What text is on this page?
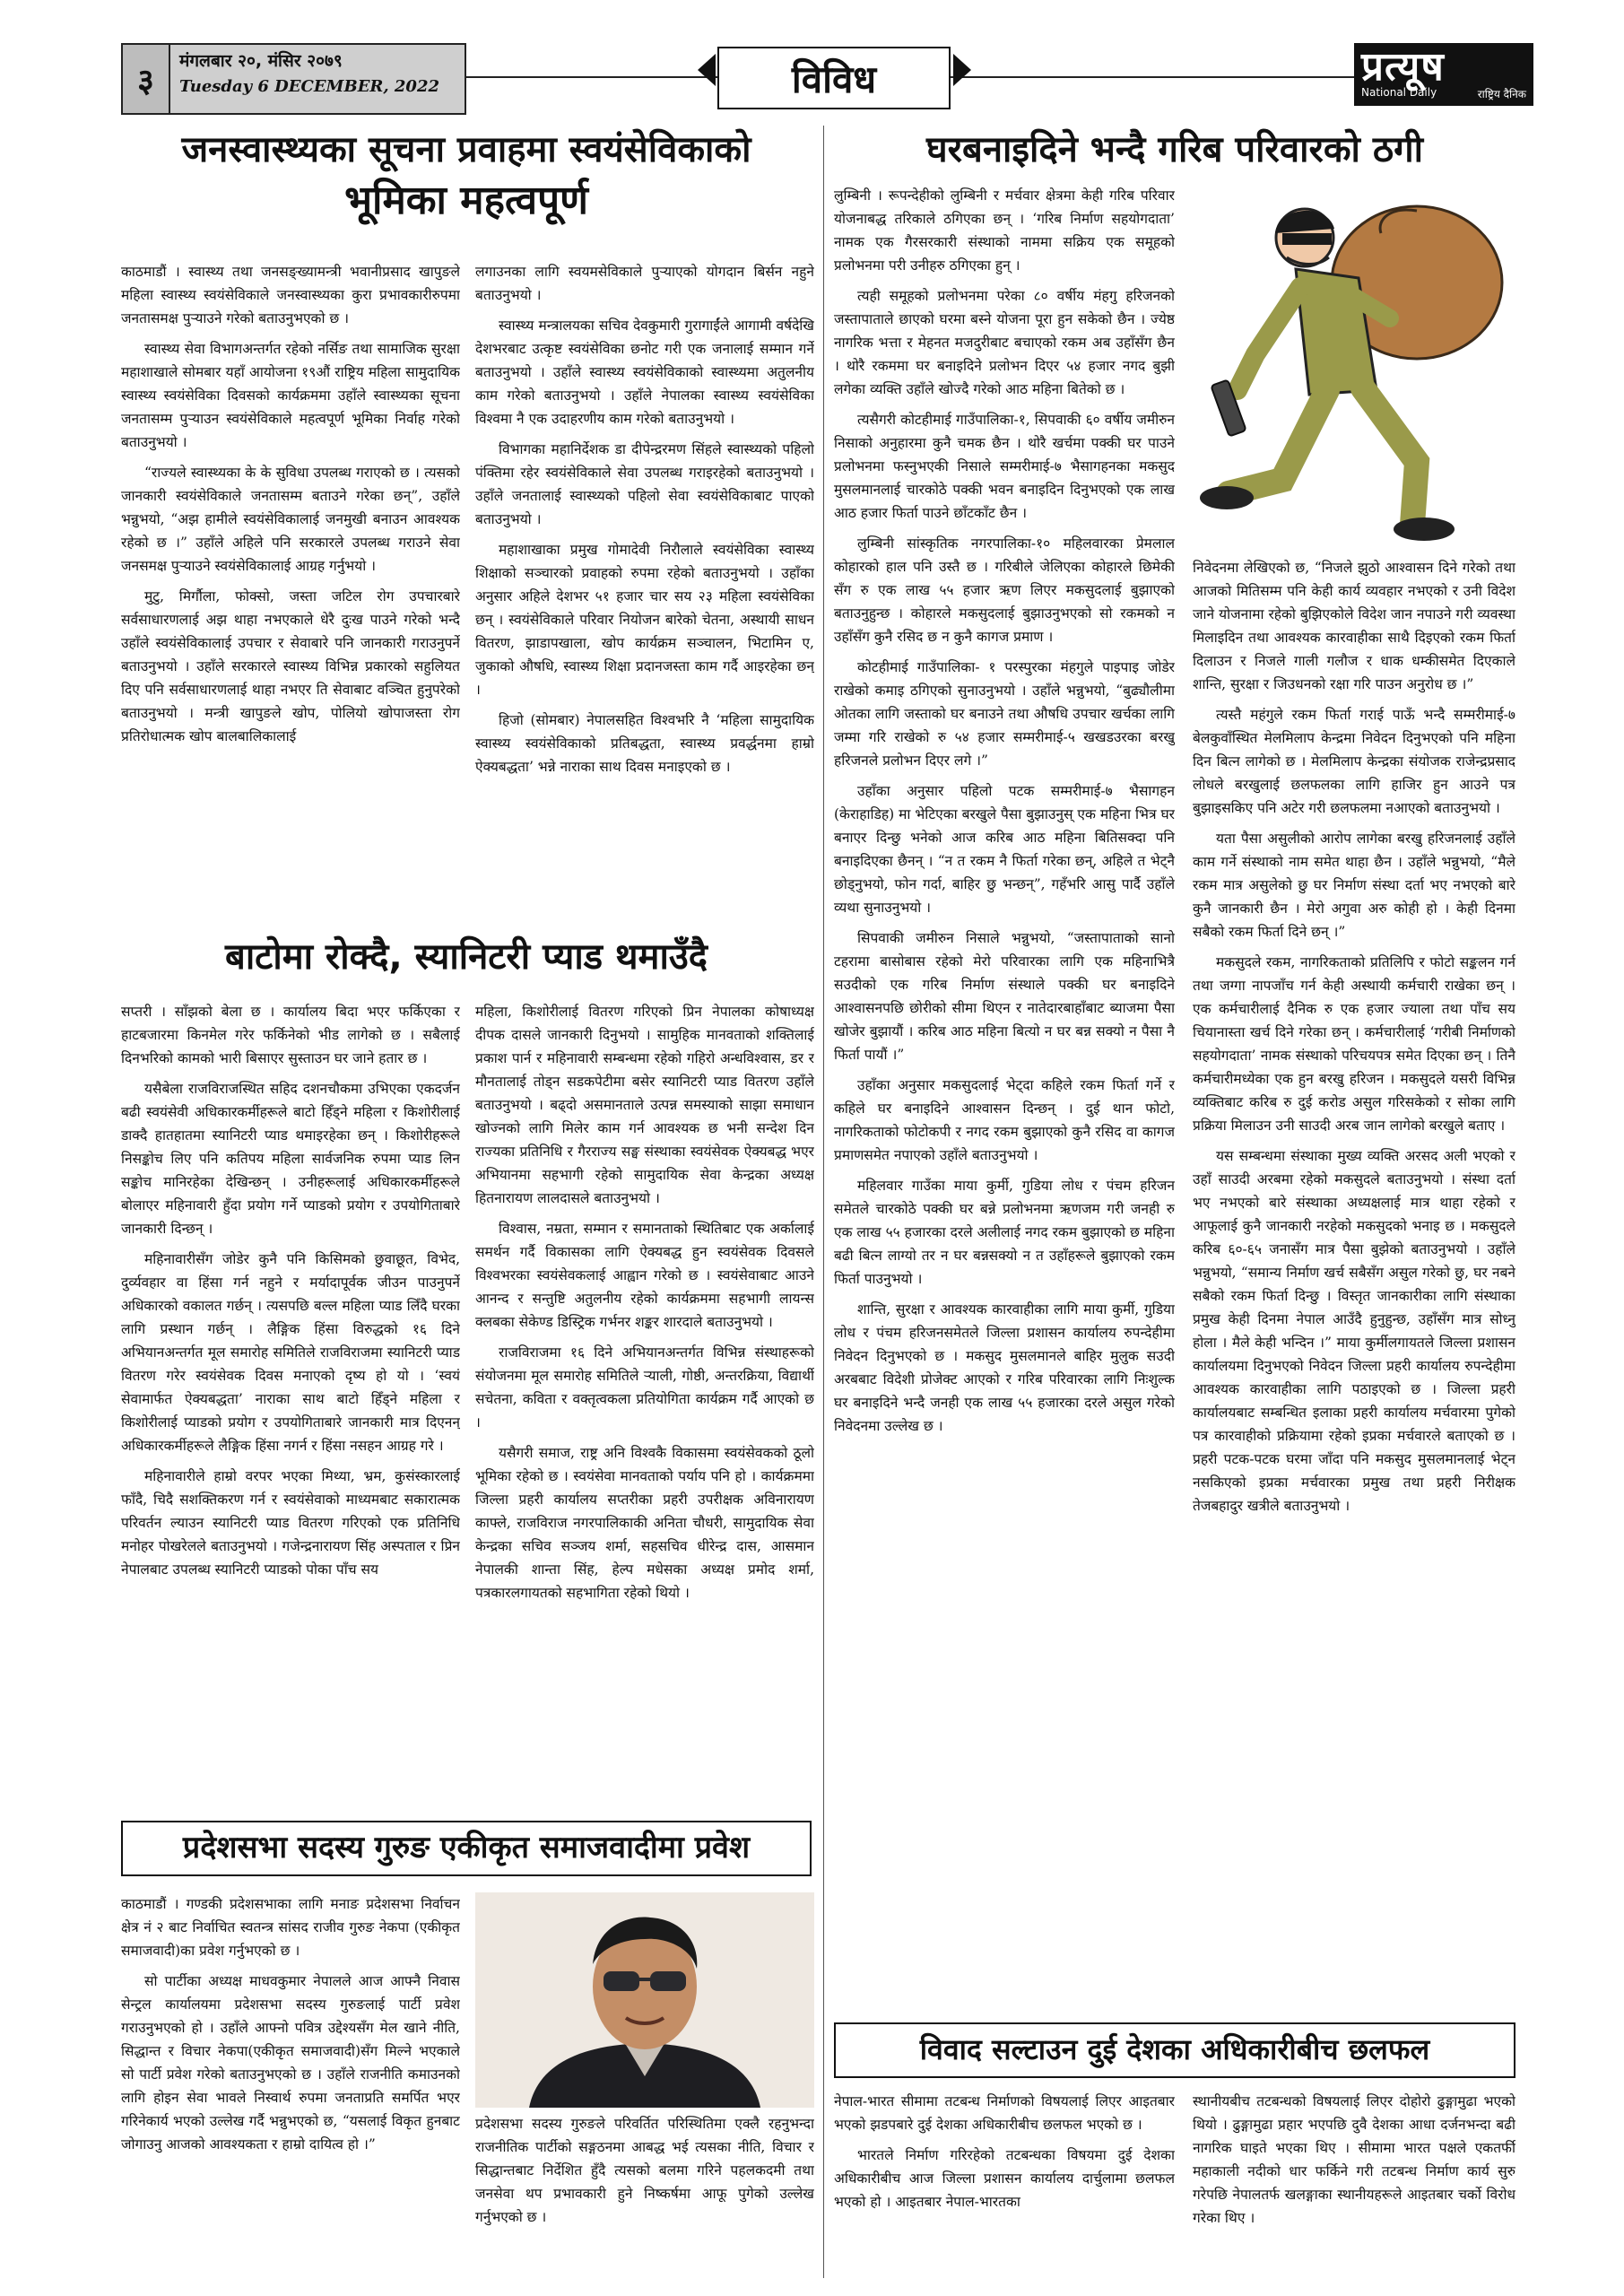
३
मंगलबार २०, मंसिर २०७९
Tuesday 6 DECEMBER, 2022	विविध	प्रत्यूष
National Daily	राष्ट्रिय दैनिक
जनस्वास्थ्यका सूचना प्रवाहमा स्वयंसेविकाको
भूमिका महत्वपूर्ण

काठमाडौं । स्वास्थ्य तथा जनसङ्ख्यामन्त्री भवानीप्रसाद खापुङले महिला स्वास्थ्य स्वयंसेविकाले जनस्वास्थ्यका कुरा प्रभावकारीरुपमा जनतासमक्ष पुऱ्याउने गरेको बताउनुभएको छ ।

स्वास्थ्य सेवा विभागअन्तर्गत रहेको नर्सिङ तथा सामाजिक सुरक्षा महाशाखाले सोमबार यहाँ आयोजना १९औं राष्ट्रिय महिला सामुदायिक स्वास्थ्य स्वयंसेविका दिवसको कार्यक्रममा उहाँले स्वास्थ्यका सूचना जनतासम्म पुऱ्याउन स्वयंसेविकाले महत्वपूर्ण भूमिका निर्वाह गरेको बताउनुभयो ।

“राज्यले स्वास्थ्यका के के सुविधा उपलब्ध गराएको छ । त्यसको जानकारी स्वयंसेविकाले जनतासम्म बताउने गरेका छन्”, उहाँले भन्नुभयो, “अझ हामीले स्वयंसेविकालाई जनमुखी बनाउन आवश्यक रहेको छ ।” उहाँले अहिले पनि सरकारले उपलब्ध गराउने सेवा जनसमक्ष पुऱ्याउने स्वयंसेविकालाई आग्रह गर्नुभयो ।

मुटु, मिर्गौला, फोक्सो, जस्ता जटिल रोग उपचारबारे सर्वसाधारणलाई अझ थाहा नभएकाले धेरै दुःख पाउने गरेको भन्दै उहाँले स्वयंसेविकालाई उपचार र सेवाबारे पनि जानकारी गराउनुपर्ने बताउनुभयो । उहाँले सरकारले स्वास्थ्य विभिन्न प्रकारको सहुलियत दिए पनि सर्वसाधारणलाई थाहा नभएर ति सेवाबाट वञ्चित हुनुपरेको बताउनुभयो । मन्त्री खापुङले खोप, पोलियो खोपाजस्ता रोग प्रतिरोधात्मक खोप बालबालिकालाई

लगाउनका लागि स्वयमसेविकाले पुऱ्याएको योगदान बिर्सन नहुने बताउनुभयो ।

स्वास्थ्य मन्त्रालयका सचिव देवकुमारी गुरागाईंले आगामी वर्षदेखि देशभरबाट उत्कृष्ट स्वयंसेविका छनोट गरी एक जनालाई सम्मान गर्ने बताउनुभयो । उहाँले स्वास्थ्य स्वयंसेविकाको स्वास्थ्यमा अतुलनीय काम गरेको बताउनुभयो । उहाँले नेपालका स्वास्थ्य स्वयंसेविका विश्वमा नै एक उदाहरणीय काम गरेको बताउनुभयो ।

विभागका महानिर्देशक डा दीपेन्द्ररमण सिंहले स्वास्थ्यको पहिलो पंक्तिमा रहेर स्वयंसेविकाले सेवा उपलब्ध गराइरहेको बताउनुभयो । उहाँले जनतालाई स्वास्थ्यको पहिलो सेवा स्वयंसेविकाबाट पाएको बताउनुभयो ।

महाशाखाका प्रमुख गोमादेवी निरौलाले स्वयंसेविका स्वास्थ्य शिक्षाको सञ्चारको प्रवाहको रुपमा रहेको बताउनुभयो । उहाँका अनुसार अहिले देशभर ५१ हजार चार सय २३ महिला स्वयंसेविका छन् । स्वयंसेविकाले परिवार नियोजन बारेको चेतना, अस्थायी साधन वितरण, झाडापखाला, खोप कार्यक्रम सञ्चालन, भिटामिन ए, जुकाको औषधि, स्वास्थ्य शिक्षा प्रदानजस्ता काम गर्दै आइरहेका छन् ।

हिजो (सोमबार) नेपालसहित विश्वभरि नै ‘महिला सामुदायिक स्वास्थ्य स्वयंसेविकाको प्रतिबद्धता, स्वास्थ्य प्रवर्द्धनमा हाम्रो ऐक्यबद्धता’ भन्ने नाराका साथ दिवस मनाइएको छ ।

बाटोमा रोक्दै, स्यानिटरी प्याड थमाउँदै

सप्तरी । साँझको बेला छ । कार्यालय बिदा भएर फर्किएका र हाटबजारमा किनमेल गरेर फर्किनेको भीड लागेको छ । सबैलाई दिनभरिको कामको भारी बिसाएर सुस्ताउन घर जाने हतार छ ।

यसैबेला राजविराजस्थित सहिद दशनचौकमा उभिएका एकदर्जन बढी स्वयंसेवी अधिकारकर्मीहरूले बाटो हिँड्ने महिला र किशोरीलाई डाक्दै हातहातमा स्यानिटरी प्याड थमाइरहेका छन् । किशोरीहरूले निसङ्कोच लिए पनि कतिपय महिला सार्वजनिक रुपमा प्याड लिन सङ्कोच मानिरहेका देखिन्छन् । उनीहरूलाई अधिकारकर्मीहरूले बोलाएर महिनावारी हुँदा प्रयोग गर्ने प्याडको प्रयोग र उपयोगिताबारे जानकारी दिन्छन् ।

महिनावारीसँग जोडेर कुनै पनि किसिमको छुवाछूत, विभेद, दुर्व्यवहार वा हिंसा गर्न नहुने र मर्यादापूर्वक जीउन पाउनुपर्ने अधिकारको वकालत गर्छन् । त्यसपछि बल्ल महिला प्याड लिँदै घरका लागि प्रस्थान गर्छन् । लैङ्गिक हिंसा विरुद्धको १६ दिने अभियानअन्तर्गत मूल समारोह समितिले राजविराजमा स्यानिटरी प्याड वितरण गरेर स्वयंसेवक दिवस मनाएको दृष्य हो यो । ‘स्वयं सेवामार्फत ऐक्यबद्धता’ नाराका साथ बाटो हिँड्ने महिला र किशोरीलाई प्याडको प्रयोग र उपयोगिताबारे जानकारी मात्र दिएनन् अधिकारकर्मीहरूले लैङ्गिक हिंसा नगर्न र हिंसा नसहन आग्रह गरे ।

महिनावारीले हाम्रो वरपर भएका मिथ्या, भ्रम, कुसंस्कारलाई फाँदै, चिदै सशक्तिकरण गर्न र स्वयंसेवाको माध्यमबाट सकारात्मक परिवर्तन ल्याउन स्यानिटरी प्याड वितरण गरिएको एक प्रतिनिधि मनोहर पोखरेलले बताउनुभयो । गजेन्द्रनारायण सिंह अस्पताल र प्रिन नेपालबाट उपलब्ध स्यानिटरी प्याडको पोका पाँच सय

महिला, किशोरीलाई वितरण गरिएको प्रिन नेपालका कोषाध्यक्ष दीपक दासले जानकारी दिनुभयो । सामुहिक मानवताको शक्तिलाई प्रकाश पार्न र महिनावारी सम्बन्धमा रहेको गहिरो अन्धविश्वास, डर र मौनतालाई तोड्न सडकपेटीमा बसेर स्यानिटरी प्याड वितरण उहाँले बताउनुभयो । बढ्दो असमानताले उत्पन्न समस्याको साझा समाधान खोज्नको लागि मिलेर काम गर्न आवश्यक छ भनी सन्देश दिन राज्यका प्रतिनिधि र गैरराज्य सङ्घ संस्थाका स्वयंसेवक ऐक्यबद्ध भएर अभियानमा सहभागी रहेको सामुदायिक सेवा केन्द्रका अध्यक्ष हितनारायण लालदासले बताउनुभयो ।

विश्वास, नम्रता, सम्मान र समानताको स्थितिबाट एक अर्कालाई समर्थन गर्दै विकासका लागि ऐक्यबद्ध हुन स्वयंसेवक दिवसले विश्वभरका स्वयंसेवकलाई आह्वान गरेको छ । स्वयंसेवाबाट आउने आनन्द र सन्तुष्टि अतुलनीय रहेको कार्यक्रममा सहभागी लायन्स क्लबका सेकेण्ड डिस्ट्रिक गर्भनर शङ्कर शारदाले बताउनुभयो ।

राजविराजमा १६ दिने अभियानअन्तर्गत विभिन्न संस्थाहरूको संयोजनमा मूल समारोह समितिले ऱ्याली, गोष्ठी, अन्तरक्रिया, विद्यार्थी सचेतना, कविता र वक्तृत्वकला प्रतियोगिता कार्यक्रम गर्दै आएको छ ।

यसैगरी समाज, राष्ट्र अनि विश्वकै विकासमा स्वयंसेवकको ठूलो भूमिका रहेको छ । स्वयंसेवा मानवताको पर्याय पनि हो । कार्यक्रममा जिल्ला प्रहरी कार्यालय सप्तरीका प्रहरी उपरीक्षक अविनारायण काफ्ले, राजविराज नगरपालिकाकी अनिता चौधरी, सामुदायिक सेवा केन्द्रका सचिव सञ्जय शर्मा, सहसचिव धीरेन्द्र दास, आसमान नेपालकी शान्ता सिंह, हेल्प मधेसका अध्यक्ष प्रमोद शर्मा, पत्रकारलगायतको सहभागिता रहेको थियो ।

प्रदेशसभा सदस्य गुरुङ एकीकृत समाजवादीमा प्रवेश

काठमाडौं । गण्डकी प्रदेशसभाका लागि मनाङ प्रदेशसभा निर्वाचन क्षेत्र नं २ बाट निर्वाचित स्वतन्त्र सांसद राजीव गुरुङ नेकपा (एकीकृत समाजवादी)का प्रवेश गर्नुभएको छ ।

सो पार्टीका अध्यक्ष माधवकुमार नेपालले आज आफ्नै निवास सेन्ट्रल कार्यालयमा प्रदेशसभा सदस्य गुरुङलाई पार्टी प्रवेश गराउनुभएको हो । उहाँले आफ्नो पवित्र उद्देश्यसँग मेल खाने नीति, सिद्धान्त र विचार नेकपा(एकीकृत समाजवादी)सँग मिल्ने भएकाले सो पार्टी प्रवेश गरेको बताउनुभएको छ । उहाँले राजनीति कमाउनको लागि होइन सेवा भावले निस्वार्थ रुपमा जनताप्रति समर्पित भएर गरिनेकार्य भएको उल्लेख गर्दै भन्नुभएको छ, “यसलाई विकृत हुनबाट जोगाउनु आजको आवश्यकता र हाम्रो दायित्व हो ।”

प्रदेशसभा सदस्य गुरुङले परिवर्तित परिस्थितिमा एक्लै रहनुभन्दा राजनीतिक पार्टीको सङ्गठनमा आबद्ध भई त्यसका नीति, विचार र सिद्धान्तबाट निर्देशित हुँदै त्यसको बलमा गरिने पहलकदमी तथा जनसेवा थप प्रभावकारी हुने निष्कर्षमा आफू पुगेको उल्लेख गर्नुभएको छ ।
घरबनाइदिने भन्दै गरिब परिवारको ठगी

लुम्बिनी । रूपन्देहीको लुम्बिनी र मर्चवार क्षेत्रमा केही गरिब परिवार योजनाबद्ध तरिकाले ठगिएका छन् । ‘गरिब निर्माण सहयोगदाता’ नामक एक गैरसरकारी संस्थाको नाममा सक्रिय एक समूहको प्रलोभनमा परी उनीहरु ठगिएका हुन् ।

त्यही समूहको प्रलोभनमा परेका ८० वर्षीय मंहगु हरिजनको जस्तापाताले छाएको घरमा बस्ने योजना पूरा हुन सकेको छैन । ज्येष्ठ नागरिक भत्ता र मेहनत मजदुरीबाट बचाएको रकम अब उहाँसँग छैन । थोरै रकममा घर बनाइदिने प्रलोभन दिएर ५४ हजार नगद बुझी लगेका व्यक्ति उहाँले खोज्दै गरेको आठ महिना बितेको छ ।

त्यसैगरी कोटहीमाई गाउँपालिका-१, सिपवाकी ६० वर्षीय जमीरुन निसाको अनुहारमा कुनै चमक छैन । थोरै खर्चमा पक्की घर पाउने प्रलोभनमा फस्नुभएकी निसाले सम्मरीमाई-७ भैसागहनका मकसुद मुसलमानलाई चारकोठे पक्की भवन बनाइदिन दिनुभएको एक लाख आठ हजार फिर्ता पाउने छाँटकाँट छैन ।

लुम्बिनी सांस्कृतिक नगरपालिका-१० महिलवारका प्रेमलाल कोहारको हाल पनि उस्तै छ । गरिबीले जेलिएका कोहारले छिमेकी सँग रु एक लाख ५५ हजार ऋण लिएर मकसुदलाई बुझाएको बताउनुहुन्छ । कोहारले मकसुदलाई बुझाउनुभएको सो रकमको न उहाँसँग कुनै रसिद छ न कुनै कागज प्रमाण ।

कोटहीमाई गाउँपालिका- १ परस्पुरका मंहगुले पाइपाइ जोडेर राखेको कमाइ ठगिएको सुनाउनुभयो । उहाँले भन्नुभयो, “बुढ्यौलीमा ओतका लागि जस्ताको घर बनाउने तथा औषधि उपचार खर्चका लागि जम्मा गरि राखेको रु ५४ हजार सम्मरीमाई-५ खखडउरका बरखु हरिजनले प्रलोभन दिएर लगे ।”

उहाँका अनुसार पहिलो पटक सम्मरीमाई-७ भैसागहन (केराहाडिह) मा भेटिएका बरखुले पैसा बुझाउनुस् एक महिना भित्र घर बनाएर दिन्छु भनेको आज करिब आठ महिना बितिसक्दा पनि बनाइदिएका छैनन् । “न त रकम नै फिर्ता गरेका छन्, अहिले त भेट्नै छोड्नुभयो, फोन गर्दा, बाहिर छु भन्छन्”, गहँभरि आसु पार्दै उहाँले व्यथा सुनाउनुभयो ।

सिपवाकी जमीरुन निसाले भन्नुभयो, “जस्तापाताको सानो टहरामा बासोबास रहेको मेरो परिवारका लागि एक महिनाभित्रै सउदीको एक गरिब निर्माण संस्थाले पक्की घर बनाइदिने आश्वासनपछि छोरीको सीमा थिएन र नातेदारबाहाँबाट ब्याजमा पैसा खोजेर बुझायौं । करिब आठ महिना बित्यो न घर बन्न सक्यो न पैसा नै फिर्ता पायौं ।”

उहाँका अनुसार मकसुदलाई भेट्दा कहिले रकम फिर्ता गर्ने र कहिले घर बनाइदिने आश्वासन दिन्छन् । दुई थान फोटो, नागरिकताको फोटोकपी र नगद रकम बुझाएको कुनै रसिद वा कागज प्रमाणसमेत नपाएको उहाँले बताउनुभयो ।

महिलवार गाउँका माया कुर्मी, गुडिया लोध र पंचम हरिजन समेतले चारकोठे पक्की घर बन्ने प्रलोभनमा ऋणजम गरी जनही रु एक लाख ५५ हजारका दरले अलीलाई नगद रकम बुझाएको छ महिना बढी बित्न लाग्यो तर न घर बन्नसक्यो न त उहाँहरूले बुझाएको रकम फिर्ता पाउनुभयो ।

शान्ति, सुरक्षा र आवश्यक कारवाहीका लागि माया कुर्मी, गुडिया लोध र पंचम हरिजनसमेतले जिल्ला प्रशासन कार्यालय रुपन्देहीमा निवेदन दिनुभएको छ । मकसुद मुसलमानले बाहिर मुलुक सउदी अरबबाट विदेशी प्रोजेक्ट आएको र गरिब परिवारका लागि निःशुल्क घर बनाइदिने भन्दै जनही एक लाख ५५ हजारका दरले असुल गरेको निवेदनमा उल्लेख छ ।

निवेदनमा लेखिएको छ, “निजले झुठो आश्वासन दिने गरेको तथा आजको मितिसम्म पनि केही कार्य व्यवहार नभएको र उनी विदेश जाने योजनामा रहेको बुझिएकोले विदेश जान नपाउने गरी व्यवस्था मिलाइदिन तथा आवश्यक कारवाहीका साथै दिइएको रकम फिर्ता दिलाउन र निजले गाली गलौज र धाक धम्कीसमेत दिएकाले शान्ति, सुरक्षा र जिउधनको रक्षा गरि पाउन अनुरोध छ ।”

त्यस्तै महंगुले रकम फिर्ता गराई पाऊँ भन्दै सम्मरीमाई-७ बेलकुवाँस्थित मेलमिलाप केन्द्रमा निवेदन दिनुभएको पनि महिना दिन बित्न लागेको छ । मेलमिलाप केन्द्रका संयोजक राजेन्द्रप्रसाद लोधले बरखुलाई छलफलका लागि हाजिर हुन आउने पत्र बुझाइसकिए पनि अटेर गरी छलफलमा नआएको बताउनुभयो ।

यता पैसा असुलीको आरोप लागेका बरखु हरिजनलाई उहाँले काम गर्ने संस्थाको नाम समेत थाहा छैन । उहाँले भन्नुभयो, “मैले रकम मात्र असुलेको छु घर निर्माण संस्था दर्ता भए नभएको बारे कुनै जानकारी छैन । मेरो अगुवा अरु कोही हो । केही दिनमा सबैको रकम फिर्ता दिने छन् ।”

मकसुदले रकम, नागरिकताको प्रतिलिपि र फोटो सङ्कलन गर्न तथा जग्गा नापजाँच गर्न केही अस्थायी कर्मचारी राखेका छन् । एक कर्मचारीलाई दैनिक रु एक हजार ज्याला तथा पाँच सय चियानास्ता खर्च दिने गरेका छन् । कर्मचारीलाई ‘गरीबी निर्माणको सहयोगदाता’ नामक संस्थाको परिचयपत्र समेत दिएका छन् । तिनै कर्मचारीमध्येका एक हुन बरखु हरिजन । मकसुदले यसरी विभिन्न व्यक्तिबाट करिब रु दुई करोड असुल गरिसकेको र सोका लागि प्रक्रिया मिलाउन उनी साउदी अरब जान लागेको बरखुले बताए ।

यस सम्बन्धमा संस्थाका मुख्य व्यक्ति अरसद अली भएको र उहाँ साउदी अरबमा रहेको मकसुदले बताउनुभयो । संस्था दर्ता भए नभएको बारे संस्थाका अध्यक्षलाई मात्र थाहा रहेको र आफूलाई कुनै जानकारी नरहेको मकसुदको भनाइ छ । मकसुदले करिब ६०-६५ जनासँग मात्र पैसा बुझेको बताउनुभयो । उहाँले भन्नुभयो, “समान्य निर्माण खर्च सबैसँग असुल गरेको छु, घर नबने सबैको रकम फिर्ता दिन्छु । विस्तृत जानकारीका लागि संस्थाका प्रमुख केही दिनमा नेपाल आउँदै हुनुहुन्छ, उहाँसँग मात्र सोध्नु होला । मैले केही भन्दिन ।” माया कुर्मीलगायतले जिल्ला प्रशासन कार्यालयमा दिनुभएको निवेदन जिल्ला प्रहरी कार्यालय रुपन्देहीमा आवश्यक कारवाहीका लागि पठाइएको छ । जिल्ला प्रहरी कार्यालयबाट सम्बन्धित इलाका प्रहरी कार्यालय मर्चवारमा पुगेको पत्र कारवाहीको प्रक्रियामा रहेको इप्रका मर्चवारले बताएको छ । प्रहरी पटक-पटक घरमा जाँदा पनि मकसुद मुसलमानलाई भेट्न नसकिएको इप्रका मर्चवारका प्रमुख तथा प्रहरी निरीक्षक तेजबहादुर खत्रीले बताउनुभयो ।

विवाद सल्टाउन दुई देशका अधिकारीबीच छलफल

नेपाल-भारत सीमामा तटबन्ध निर्माणको विषयलाई लिएर आइतबार भएको झडपबारे दुई देशका अधिकारीबीच छलफल भएको छ ।

भारतले निर्माण गरिरहेको तटबन्धका विषयमा दुई देशका अधिकारीबीच आज जिल्ला प्रशासन कार्यालय दार्चुलामा छलफल भएको हो । आइतबार नेपाल-भारतका

स्थानीयबीच तटबन्धको विषयलाई लिएर दोहोरो ढुङ्गामुढा भएको थियो । ढुङ्गामुढा प्रहार भएपछि दुवै देशका आधा दर्जनभन्दा बढी नागरिक घाइते भएका थिए । सीमामा भारत पक्षले एकतर्फी महाकाली नदीको धार फर्किने गरी तटबन्ध निर्माण कार्य सुरु गरेपछि नेपालतर्फ खलङ्गाका स्थानीयहरूले आइतबार चर्को विरोध गरेका थिए ।
